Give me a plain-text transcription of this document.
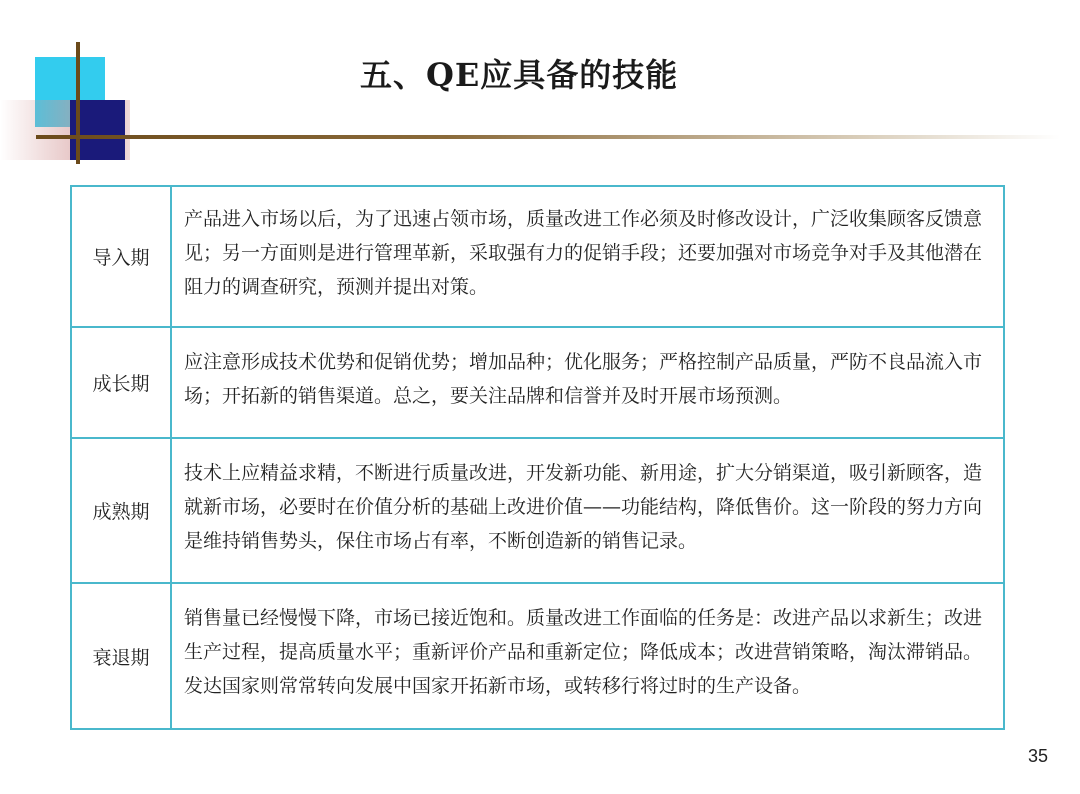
五、QE应具备的技能
导入期	产品进入市场以后，为了迅速占领市场，质量改进工作必须及时修改设计，广泛收集顾客反馈意见；另一方面则是进行管理革新，采取强有力的促销手段；还要加强对市场竞争对手及其他潜在阻力的调查研究，预测并提出对策。
成长期	应注意形成技术优势和促销优势；增加品种；优化服务；严格控制产品质量，严防不良品流入市场；开拓新的销售渠道。总之，要关注品牌和信誉并及时开展市场预测。
成熟期	技术上应精益求精，不断进行质量改进，开发新功能、新用途，扩大分销渠道，吸引新顾客，造就新市场，必要时在价值分析的基础上改进价值——功能结构，降低售价。这一阶段的努力方向是维持销售势头，保住市场占有率，不断创造新的销售记录。
衰退期	销售量已经慢慢下降，市场已接近饱和。质量改进工作面临的任务是：改进产品以求新生；改进生产过程，提高质量水平；重新评价产品和重新定位；降低成本；改进营销策略，淘汰滞销品。发达国家则常常转向发展中国家开拓新市场，或转移行将过时的生产设备。
35
